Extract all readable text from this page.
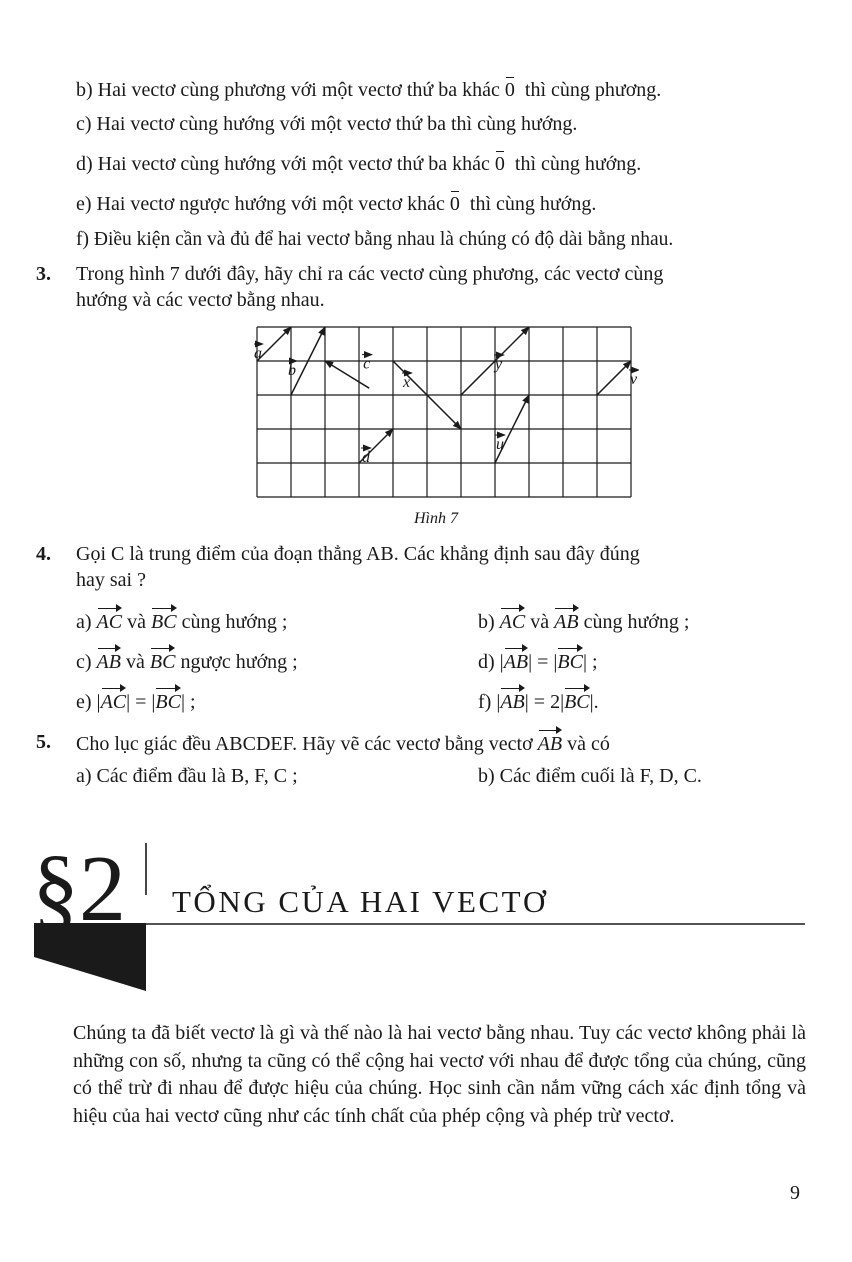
b) Hai vectơ cùng phương với một vectơ thứ ba khác 0 thì cùng phương.
c) Hai vectơ cùng hướng với một vectơ thứ ba thì cùng hướng.
d) Hai vectơ cùng hướng với một vectơ thứ ba khác 0 thì cùng hướng.
e) Hai vectơ ngược hướng với một vectơ khác 0 thì cùng hướng.
f) Điều kiện cần và đủ để hai vectơ bằng nhau là chúng có độ dài bằng nhau.
3. Trong hình 7 dưới đây, hãy chỉ ra các vectơ cùng phương, các vectơ cùng
hướng và các vectơ bằng nhau.
a
b	c
x
y
u
v
d
Hình 7
4. Gọi C là trung điểm của đoạn thẳng AB. Các khẳng định sau đây đúng
hay sai ?
a) AC và BC cùng hướng ;	b) AC và AB cùng hướng ;
c) AB và BC ngược hướng ;	d) |AB| = |BC| ;
e) |AC| = |BC| ;	f) |AB| = 2|BC|.
5. Cho lục giác đều ABCDEF. Hãy vẽ các vectơ bằng vectơ AB và có
a) Các điểm đầu là B, F, C ;	b) Các điểm cuối là F, D, C.
§2 TỔNG CỦA HAI VECTƠ
Chúng ta đã biết vectơ là gì và thế nào là hai vectơ bằng nhau. Tuy các vectơ không phải là những con số, nhưng ta cũng có thể cộng hai vectơ với nhau để được tổng của chúng, cũng có thể trừ đi nhau để được hiệu của chúng. Học sinh cần nắm vững cách xác định tổng và hiệu của hai vectơ cũng như các tính chất của phép cộng và phép trừ vectơ.
9
